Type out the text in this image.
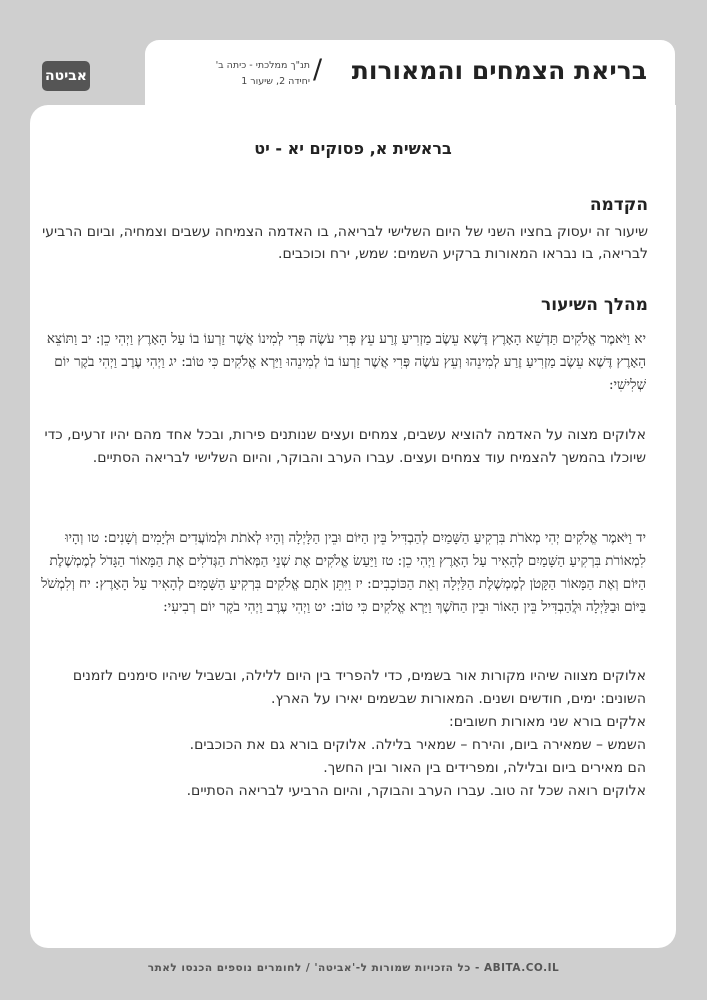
אביטה
תנ"ך ממלכתי - כיתה ב'
יחידה 2, שיעור 1 / בריאת הצמחים והמאורות
בראשית א, פסוקים יא - יט
הקדמה
שיעור זה יעסוק בחציו השני של היום השלישי לבריאה, בו האדמה הצמיחה עשבים וצמחיה, וביום הרביעי לבריאה, בו נבראו המאורות ברקיע השמים: שמש, ירח וכוכבים.
מהלך השיעור
יא וַיֹּאמֶר אֱלֹקִים תַּדְשֵׁא הָאָרֶץ דֶּשֶׁא עֵשֶׂב מַזְרִיעַ זֶרַע עֵץ פְּרִי עֹשֶׂה פְּרִי לְמִינוֹ אֲשֶׁר זַרְעוֹ בוֹ עַל הָאָרֶץ וַיְהִי כֵן: יב וַתּוֹצֵא הָאָרֶץ דֶּשֶׁא עֵשֶׂב מַזְרִיעַ זֶרַע לְמִינֵהוּ וְעֵץ עֹשֶׂה פְּרִי אֲשֶׁר זַרְעוֹ בוֹ לְמִינֵהוּ וַיַּרְא אֱלֹקִים כִּי טוֹב: יג וַיְהִי עֶרֶב וַיְהִי בֹקֶר יוֹם שְׁלִישִׁי:
אלוקים מצוה על האדמה להוציא עשבים, צמחים ועצים שנותנים פירות, ובכל אחד מהם יהיו זרעים, כדי שיוכלו בהמשך להצמיח עוד צמחים ועצים. עברו הערב והבוקר, והיום השלישי לבריאה הסתיים.
יד וַיֹּאמֶר אֱלֹקִים יְהִי מְאֹרֹת בִּרְקִיעַ הַשָּׁמַיִם לְהַבְדִּיל בֵּין הַיּוֹם וּבֵין הַלָּיְלָה וְהָיוּ לְאֹתֹת וּלְמוֹעֲדִים וּלְיָמִים וְשָׁנִים: טו וְהָיוּ לִמְאוֹרֹת בִּרְקִיעַ הַשָּׁמַיִם לְהָאִיר עַל הָאָרֶץ וַיְהִי כֵן: טז וַיַּעַשׂ אֱלֹקִים אֶת שְׁנֵי הַמְּאֹרֹת הַגְּדֹלִים אֶת הַמָּאוֹר הַגָּדֹל לְמֶמְשֶׁלֶת הַיּוֹם וְאֶת הַמָּאוֹר הַקָּטֹן לְמֶמְשֶׁלֶת הַלַּיְלָה וְאֵת הַכּוֹכָבִים: יז וַיִּתֵּן אֹתָם אֱלֹקִים בִּרְקִיעַ הַשָּׁמָיִם לְהָאִיר עַל הָאָרֶץ: יח וְלִמְשֹׁל בַּיּוֹם וּבַלַּיְלָה וּלֲהַבְדִּיל בֵּין הָאוֹר וּבֵין הַחֹשֶׁךְ וַיַּרְא אֱלֹקִים כִּי טוֹב: יט וַיְהִי עֶרֶב וַיְהִי בֹקֶר יוֹם רְבִיעִי:
אלוקים מצווה שיהיו מקורות אור בשמים, כדי להפריד בין היום ללילה, ובשביל שיהיו סימנים לזמנים השונים: ימים, חודשים ושנים. המאורות שבשמים יאירו על הארץ.
אלקים בורא שני מאורות חשובים:
השמש – שמאירה ביום, והירח – שמאיר בלילה. אלוקים בורא גם את הכוכבים.
הם מאירים ביום ובלילה, ומפרידים בין האור ובין החשך.
אלוקים רואה שכל זה טוב. עברו הערב והבוקר, והיום הרביעי לבריאה הסתיים.
כל הזכויות שמורות ל-'אביטה' / לחומרים נוספים הכנסו לאתר - ABITA.CO.IL
